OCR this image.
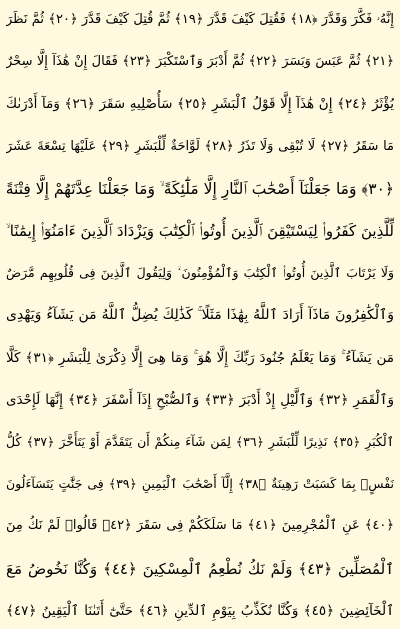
إِنَّهُۥ فَكَّرَ وَقَدَّرَ ﴿١٨﴾ فَقُتِلَ كَيْفَ قَدَّرَ ﴿١٩﴾ ثُمَّ قُتِلَ كَيْفَ قَدَّرَ ﴿٢٠﴾ ثُمَّ نَظَرَ
﴿٢١﴾ ثُمَّ عَبَسَ وَبَسَرَ ﴿٢٢﴾ ثُمَّ أَدْبَرَ وَٱسْتَكْبَرَ ﴿٢٣﴾ فَقَالَ إِنْ هَٰذَآ إِلَّا سِحْرٌ
يُؤْثَرُ ﴿٢٤﴾ إِنْ هَٰذَآ إِلَّا قَوْلُ ٱلْبَشَرِ ﴿٢٥﴾ سَأُصْلِيهِ سَقَرَ ﴿٢٦﴾ وَمَآ أَدْرَىٰكَ
مَا سَقَرُ ﴿٢٧﴾ لَا تُبْقِى وَلَا تَذَرُ ﴿٢٨﴾ لَوَّاحَةٌ لِّلْبَشَرِ ﴿٢٩﴾ عَلَيْهَا تِسْعَةَ عَشَرَ
﴿٣٠﴾ وَمَا جَعَلْنَآ أَصْحَٰبَ ٱلنَّارِ إِلَّا مَلَٰٓئِكَةً ۙ وَمَا جَعَلْنَا عِدَّتَهُمْ إِلَّا فِتْنَةً
لِّلَّذِينَ كَفَرُوا۟ لِيَسْتَيْقِنَ ٱلَّذِينَ أُوتُوا۟ ٱلْكِتَٰبَ وَيَزْدَادَ ٱلَّذِينَ ءَامَنُوٓا۟ إِيمَٰنًا ۙ
وَلَا يَرْتَابَ ٱلَّذِينَ أُوتُوا۟ ٱلْكِتَٰبَ وَٱلْمُؤْمِنُونَ ۙ وَلِيَقُولَ ٱلَّذِينَ فِى قُلُوبِهِم مَّرَضٌ
وَٱلْكَٰفِرُونَ مَاذَآ أَرَادَ ٱللَّهُ بِهَٰذَا مَثَلًا ۚ كَذَٰلِكَ يُضِلُّ ٱللَّهُ مَن يَشَآءُ وَيَهْدِى
مَن يَشَآءُ ۚ وَمَا يَعْلَمُ جُنُودَ رَبِّكَ إِلَّا هُوَ ۚ وَمَا هِىَ إِلَّا ذِكْرَىٰ لِلْبَشَرِ ﴿٣١﴾ كَلَّا
وَٱلْقَمَرِ ﴿٣٢﴾ وَٱلَّيْلِ إِذْ أَدْبَرَ ﴿٣٣﴾ وَٱلصُّبْحِ إِذَآ أَسْفَرَ ﴿٣٤﴾ إِنَّهَا لَإِحْدَى
ٱلْكُبَرِ ﴿٣٥﴾ نَذِيرًا لِّلْبَشَرِ ﴿٣٦﴾ لِمَن شَآءَ مِنكُمْ أَن يَتَقَدَّمَ أَوْ يَتَأَخَّرَ ﴿٣٧﴾ كُلُّ
نَفْسٍۭ بِمَا كَسَبَتْ رَهِينَةٌ ﴿٣٨﴾ إِلَّآ أَصْحَٰبَ ٱلْيَمِينِ ﴿٣٩﴾ فِى جَنَّٰتٍ يَتَسَآءَلُونَ
﴿٤٠﴾ عَنِ ٱلْمُجْرِمِينَ ﴿٤١﴾ مَا سَلَكَكُمْ فِى سَقَرَ ﴿٤٢﴾ قَالُوا۟ لَمْ نَكُ مِنَ
ٱلْمُصَلِّينَ ﴿٤٣﴾ وَلَمْ نَكُ نُطْعِمُ ٱلْمِسْكِينَ ﴿٤٤﴾ وَكُنَّا نَخُوضُ مَعَ
ٱلْخَآئِضِينَ ﴿٤٥﴾ وَكُنَّا نُكَذِّبُ بِيَوْمِ ٱلدِّينِ ﴿٤٦﴾ حَتَّىٰٓ أَتَىٰنَا ٱلْيَقِينُ ﴿٤٧﴾
